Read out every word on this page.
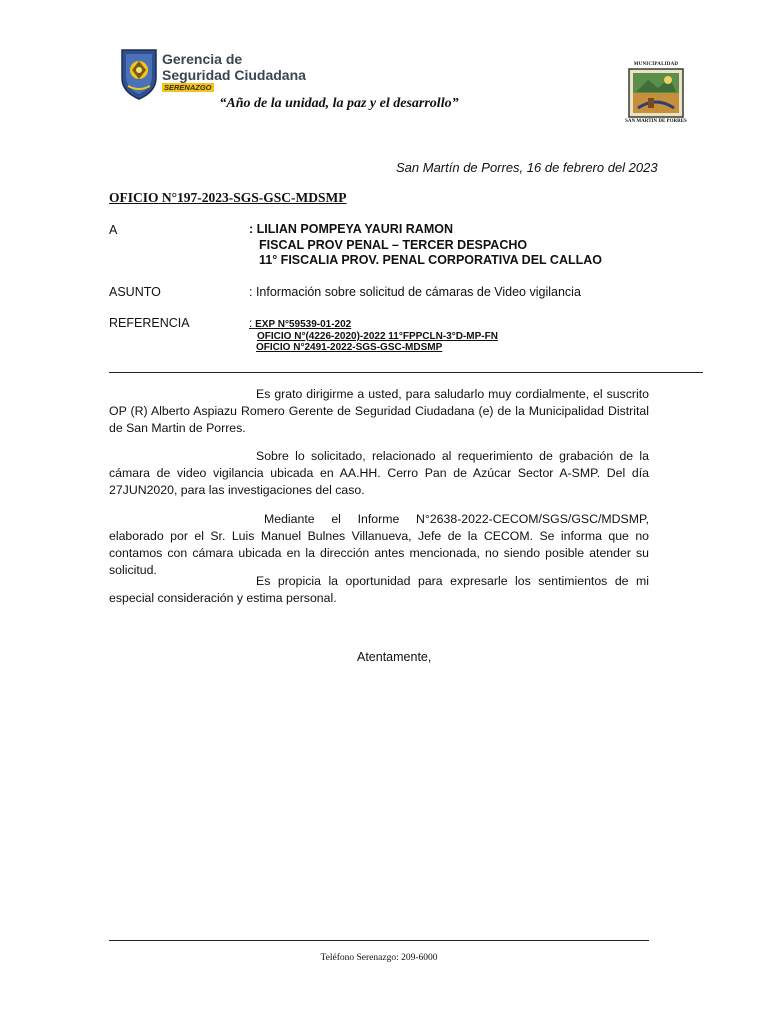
Gerencia de
Seguridad Ciudadana
SERENAZGO
MUNICIPALIDAD
SAN MARTIN DE PORRES
“Año de la unidad, la paz y el desarrollo”
San Martín de Porres, 16 de febrero del 2023
OFICIO N°197-2023-SGS-GSC-MDSMP
A	: LILIAN POMPEYA YAURI RAMON
FISCAL PROV PENAL – TERCER DESPACHO
11° FISCALIA PROV. PENAL CORPORATIVA DEL CALLAO
ASUNTO	: Información sobre solicitud de cámaras de Video vigilancia
REFERENCIA	: EXP N°59539-01-202
OFICIO N°(4226-2020)-2022 11°FPPCLN-3°D-MP-FN
OFICIO N°2491-2022-SGS-GSC-MDSMP
Es grato dirigirme a usted, para saludarlo muy cordialmente, el suscrito OP (R) Alberto Aspiazu Romero Gerente de Seguridad Ciudadana (e) de la Municipalidad Distrital de San Martin de Porres.
Sobre lo solicitado, relacionado al requerimiento de grabación de la cámara de video vigilancia ubicada en AA.HH. Cerro Pan de Azúcar Sector A-SMP. Del día 27JUN2020, para las investigaciones del caso.
Mediante el Informe N°2638-2022-CECOM/SGS/GSC/MDSMP, elaborado por el Sr. Luis Manuel Bulnes Villanueva, Jefe de la CECOM. Se informa que no contamos con cámara ubicada en la dirección antes mencionada, no siendo posible atender su solicitud.
Es propicia la oportunidad para expresarle los sentimientos de mi especial consideración y estima personal.
Atentamente,
Teléfono Serenazgo: 209-6000
